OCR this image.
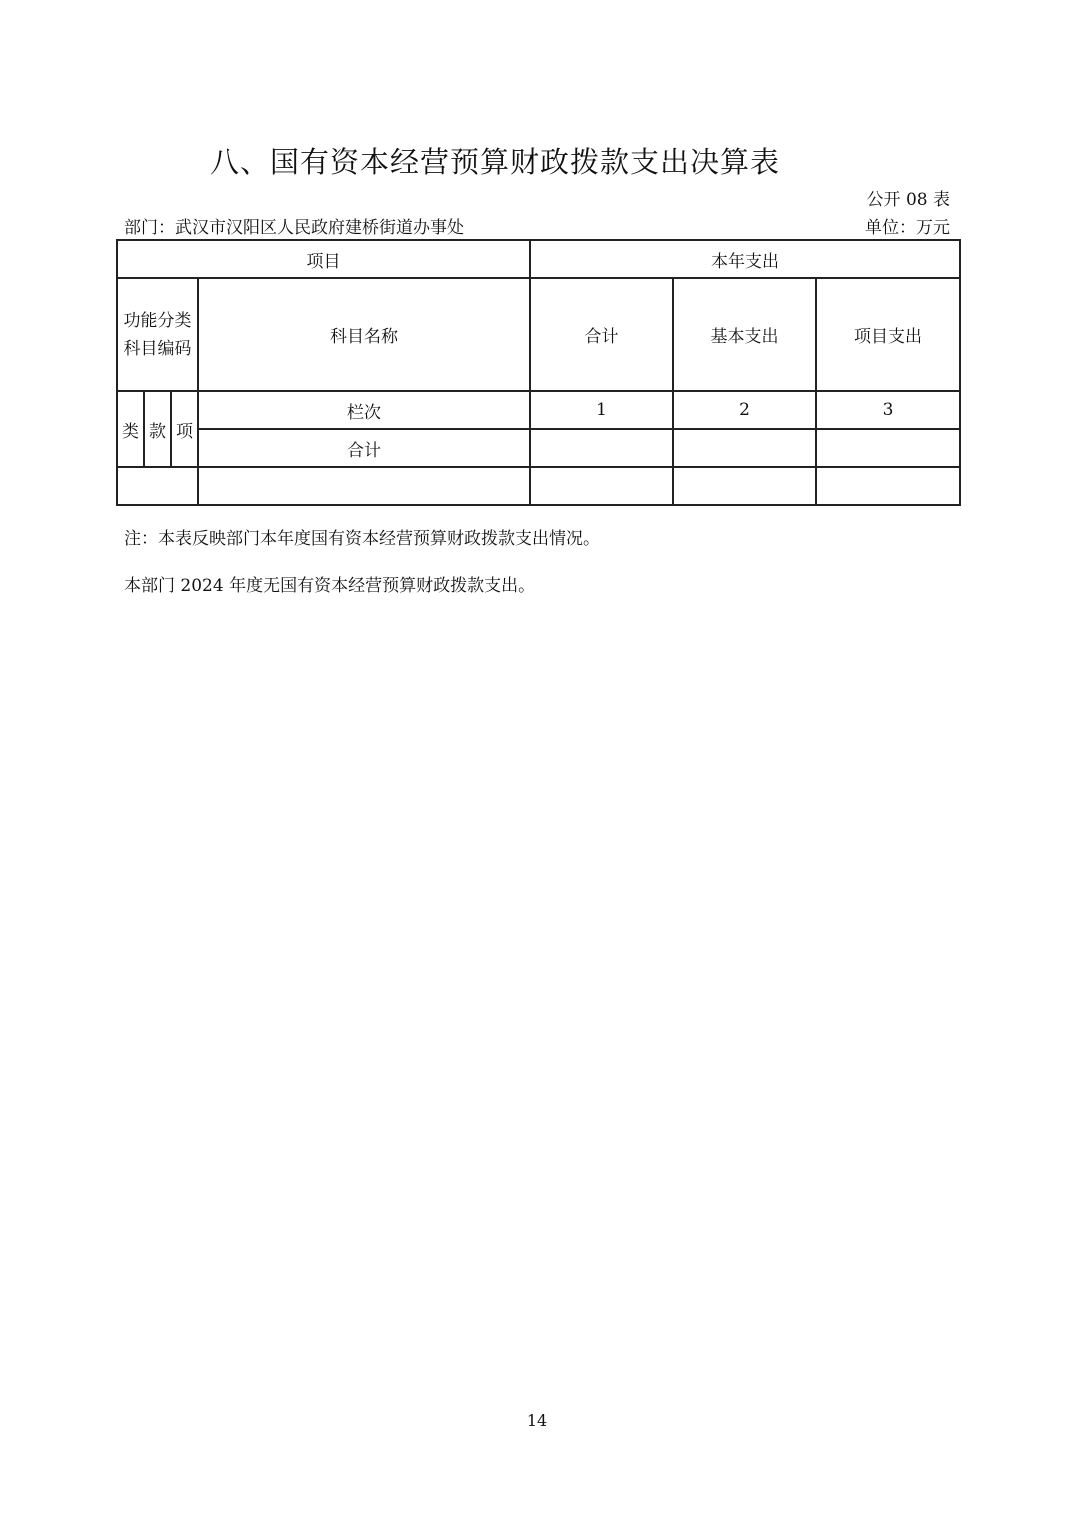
八、国有资本经营预算财政拨款支出决算表
公开 08 表
部门：武汉市汉阳区人民政府建桥街道办事处	单位：万元
项目				本年支出		

功能分类科目编码			科目名称	合计	基本支出	项目支出
类	款	项	栏次	1	2	3
			合计			

注：本表反映部门本年度国有资本经营预算财政拨款支出情况。
本部门 2024 年度无国有资本经营预算财政拨款支出。
14
